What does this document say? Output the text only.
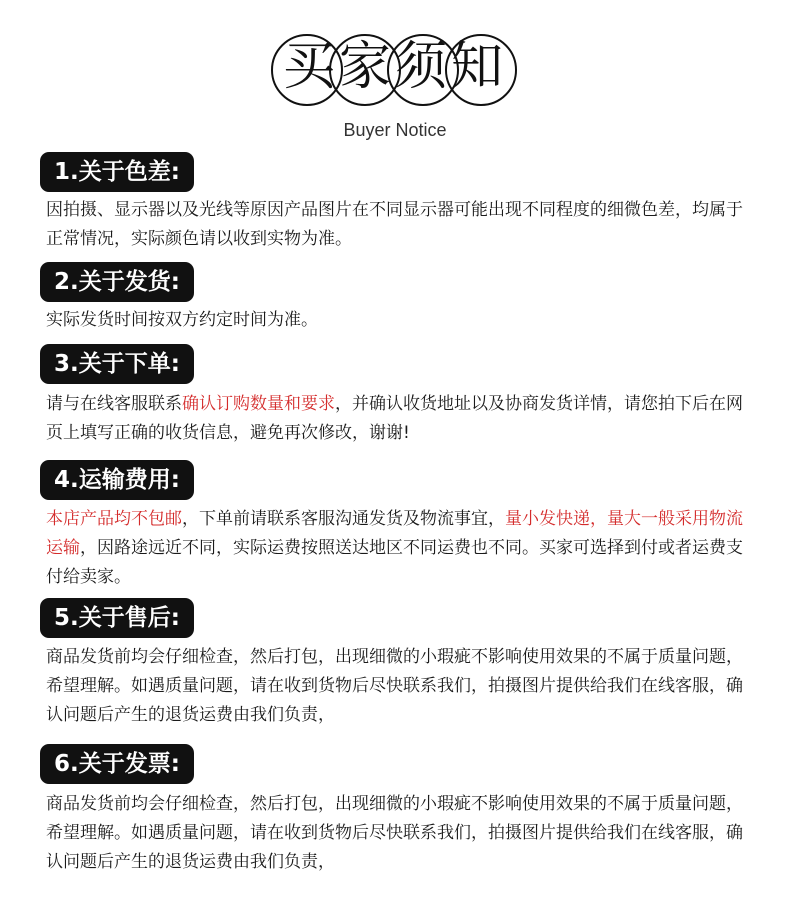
买家须知
Buyer Notice
1.关于色差:
因拍摄、显示器以及光线等原因产品图片在不同显示器可能出现不同程度的细微色差，均属于正常情况，实际颜色请以收到实物为准。
2.关于发货:
实际发货时间按双方约定时间为准。
3.关于下单:
请与在线客服联系确认订购数量和要求，并确认收货地址以及协商发货详情，请您拍下后在网页上填写正确的收货信息，避免再次修改，谢谢!
4.运输费用:
本店产品均不包邮，下单前请联系客服沟通发货及物流事宜，量小发快递，量大一般采用物流运输，因路途远近不同，实际运费按照送达地区不同运费也不同。买家可选择到付或者运费支付给卖家。
5.关于售后:
商品发货前均会仔细检查，然后打包，出现细微的小瑕疵不影响使用效果的不属于质量问题，希望理解。如遇质量问题，请在收到货物后尽快联系我们，拍摄图片提供给我们在线客服，确认问题后产生的退货运费由我们负责，
6.关于发票:
商品发货前均会仔细检查，然后打包，出现细微的小瑕疵不影响使用效果的不属于质量问题，希望理解。如遇质量问题，请在收到货物后尽快联系我们，拍摄图片提供给我们在线客服，确认问题后产生的退货运费由我们负责，
